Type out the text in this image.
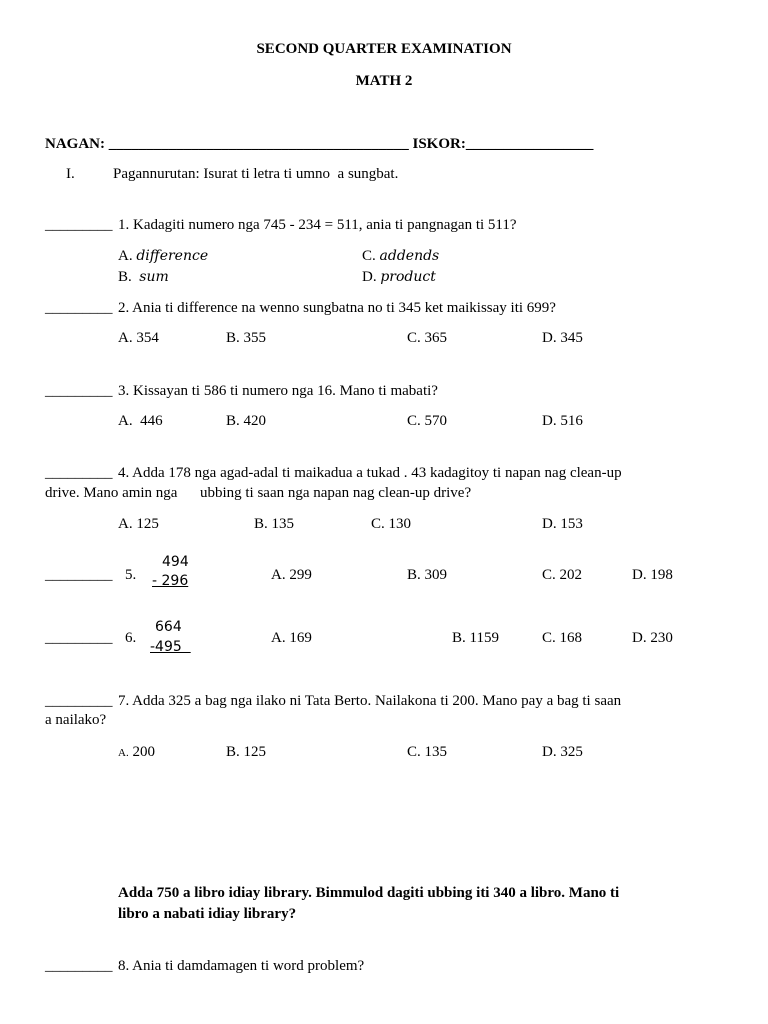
SECOND QUARTER EXAMINATION
MATH 2
NAGAN: ________________________________________ ISKOR:_________________
I.	Pagannurutan: Isurat ti letra ti umno  a sungbat.
_________ 1. Kadagiti numero nga 745 - 234 = 511, ania ti pangnagan ti 511?
A. difference	C. addends
B.  sum	D. product
_________ 2. Ania ti difference na wenno sungbatna no ti 345 ket maikissay iti 699?
A. 354	B. 355	C. 365	D. 345
_________ 3. Kissayan ti 586 ti numero nga 16. Mano ti mabati?
A.  446	B. 420	C. 570	D. 516
_________ 4. Adda 178 nga agad-adal ti maikadua a tukad . 43 kadagitoy ti napan nag clean-up
drive. Mano amin nga      ubbing ti saan nga napan nag clean-up drive?
A. 125	B. 135	C. 130	D. 153
_________ 5.
494
- 296	A. 299	B. 309	C. 202	D. 198
_________ 6.
664
-495
A. 169	B. 1159	C. 168	D. 230
_________ 7. Adda 325 a bag nga ilako ni Tata Berto. Nailakona ti 200. Mano pay a bag ti saan
a nailako?
A. 200	B. 125	C. 135	D. 325
Adda 750 a libro idiay library. Bimmulod dagiti ubbing iti 340 a libro. Mano ti
libro a nabati idiay library?
_________ 8. Ania ti damdamagen ti word problem?
